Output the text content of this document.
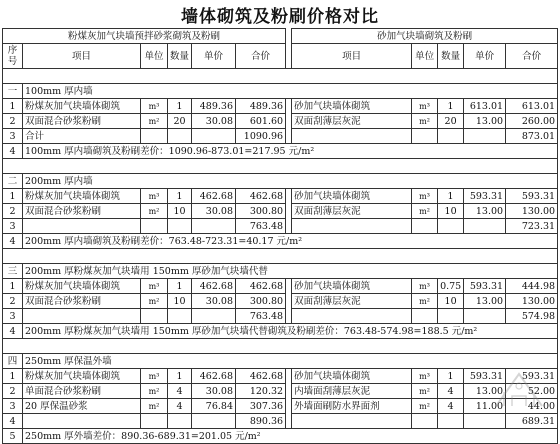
墙体砌筑及粉刷价格对比
粉煤灰加气块墙预拌砂浆砌筑及粉刷							砂加气块墙砌筑及粉刷				
序号	项目	单位	数量	单价	合价		项目	单位	数量	单价	合价

一	100mm 厚内墙										
1	粉煤灰加气块墙体砌筑	m³	1	489.36	489.36		砂加气块墙体砌筑	m³	1	613.01	613.01
2	双面混合砂浆粉刷	m²	20	30.08	601.60		双面刮薄层灰泥	m²	20	13.00	260.00
3	合计				1090.96						873.01
4	100mm 厚内墙砌筑及粉刷差价：1090.96-873.01=217.95 元/m²										

二	200mm 厚内墙										
1	粉煤灰加气块墙体砌筑	m³	1	462.68	462.68		砂加气块墙体砌筑	m³	1	593.31	593.31
2	双面混合砂浆粉刷	m²	10	30.08	300.80		双面刮薄层灰泥	m²	10	13.00	130.00
3					763.48						723.31
4	200mm 厚内墙砌筑及粉刷差价：763.48-723.31=40.17 元/m²										

三	200mm 厚粉煤灰加气块墙用 150mm 厚砂加气块墙代替										
1	粉煤灰加气块墙体砌筑	m³	1	462.68	462.68		砂加气块墙体砌筑	m³	0.75	593.31	444.98
2	双面混合砂浆粉刷	m²	10	30.08	300.80		双面刮薄层灰泥	m²	10	13.00	130.00
3					763.48						574.98
4	200mm 厚粉煤灰加气块墙用 150mm 厚砂加气块墙代替砌筑及粉刷差价：763.48-574.98=188.5 元/m²										

四	250mm 厚保温外墙										
1	粉煤灰加气块墙体砌筑	m³	1	462.68	462.68		砂加气块墙体砌筑	m³	1	593.31	593.31
2	单面混合砂浆粉刷	m²	4	30.08	120.32		内墙面刮薄层灰泥	m²	4	13.00	52.00
3	20 厚保温砂浆	m²	4	76.84	307.36		外墙面刷防水界面剂	m²	4	11.00	44.00
4					890.36						689.31
5	250mm 厚外墙差价：890.36-689.31=201.05 元/m²										
